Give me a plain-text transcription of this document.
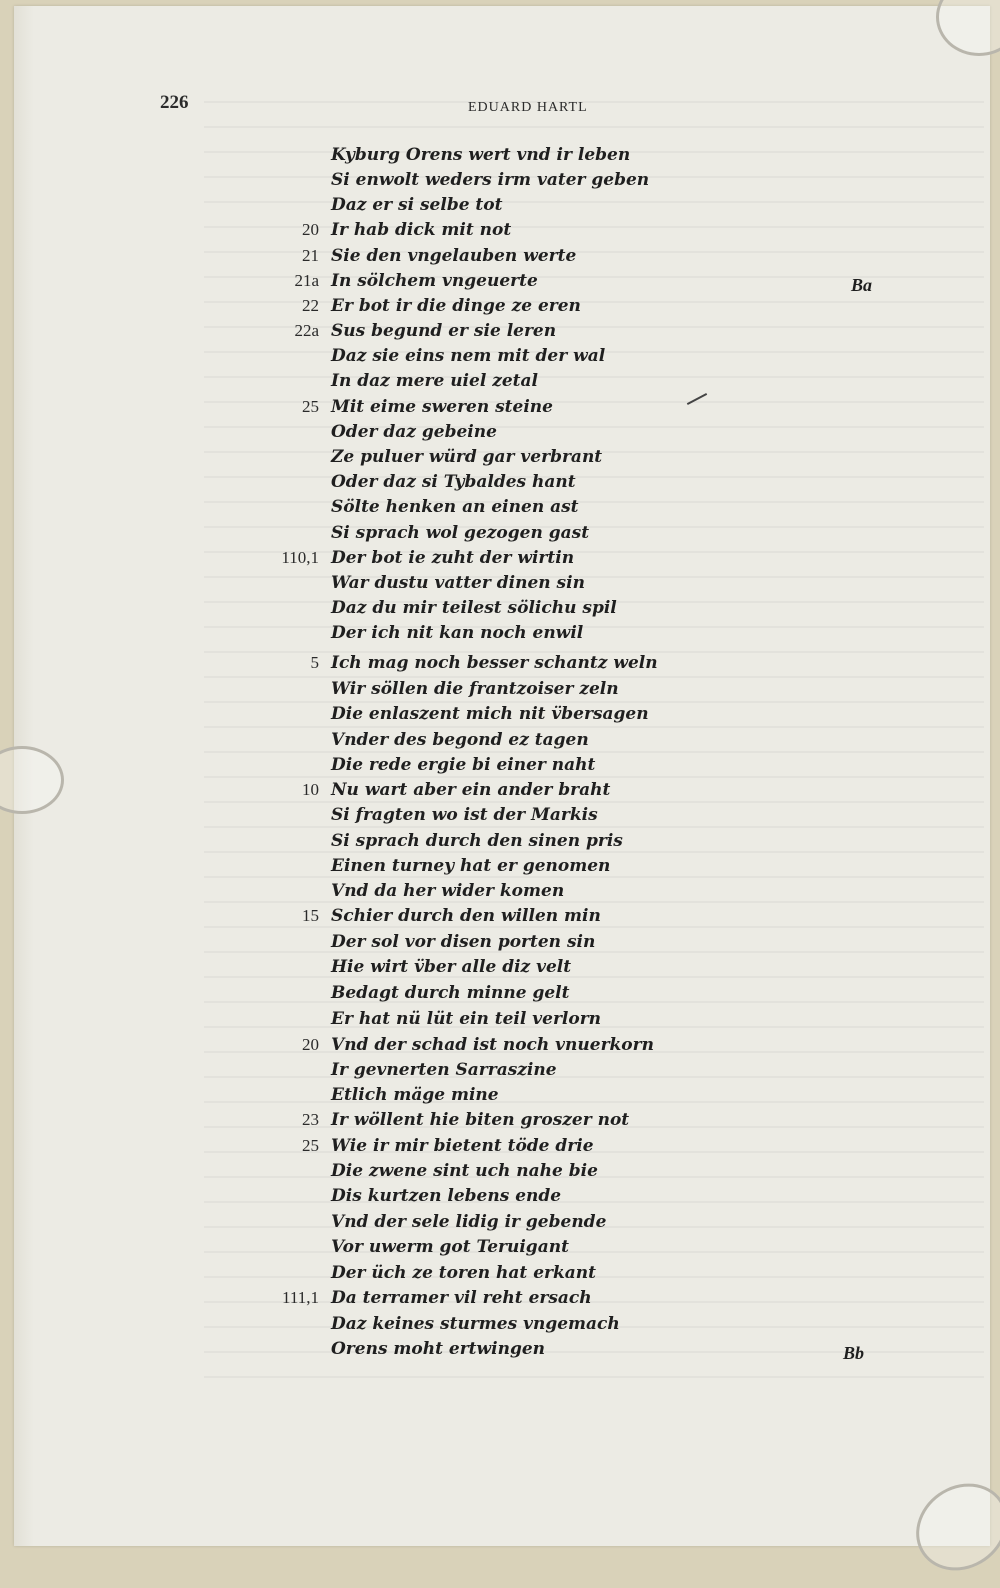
226	EDUARD HARTL
Kyburg Orens wert vnd ir leben
Si enwolt weders irm vater geben
Daz er si selbe tot
20 Ir hab dick mit not
21 Sie den vngelauben werte
21a In sölchem vngeuerte
22 Er bot ir die dinge ze eren
22a Sus begund er sie leren
Daz sie eins nem mit der wal
In daz mere uiel zetal
25 Mit eime sweren steine
Oder daz gebeine
Ze puluer würd gar verbrant
Oder daz si Tybaldes hant
Sölte henken an einen ast
Si sprach wol gezogen gast
110,1 Der bot ie zuht der wirtin
War dustu vatter dinen sin
Daz du mir teilest sölichu spil
Der ich nit kan noch enwil
5 Ich mag noch besser schantz weln
Wir söllen die frantzoiser zeln
Die enlaszent mich nit v̈bersagen
Vnder des begond ez tagen
Die rede ergie bi einer naht
10 Nu wart aber ein ander braht
Si fragten wo ist der Markis
Si sprach durch den sinen pris
Einen turney hat er genomen
Vnd da her wider komen
15 Schier durch den willen min
Der sol vor disen porten sin
Hie wirt v̈ber alle diz velt
Bedagt durch minne gelt
Er hat nü lüt ein teil verlorn
20 Vnd der schad ist noch vnuerkorn
Ir gevnerten Sarraszine
Etlich mäge mine
23 Ir wöllent hie biten groszer not
25 Wie ir mir bietent töde drie
Die zwene sint uch nahe bie
Dis kurtzen lebens ende
Vnd der sele lidig ir gebende
Vor uwerm got Teruigant
Der üch ze toren hat erkant
111,1 Da terramer vil reht ersach
Daz keines sturmes vngemach
Orens moht ertwingen
Ba
Bb
